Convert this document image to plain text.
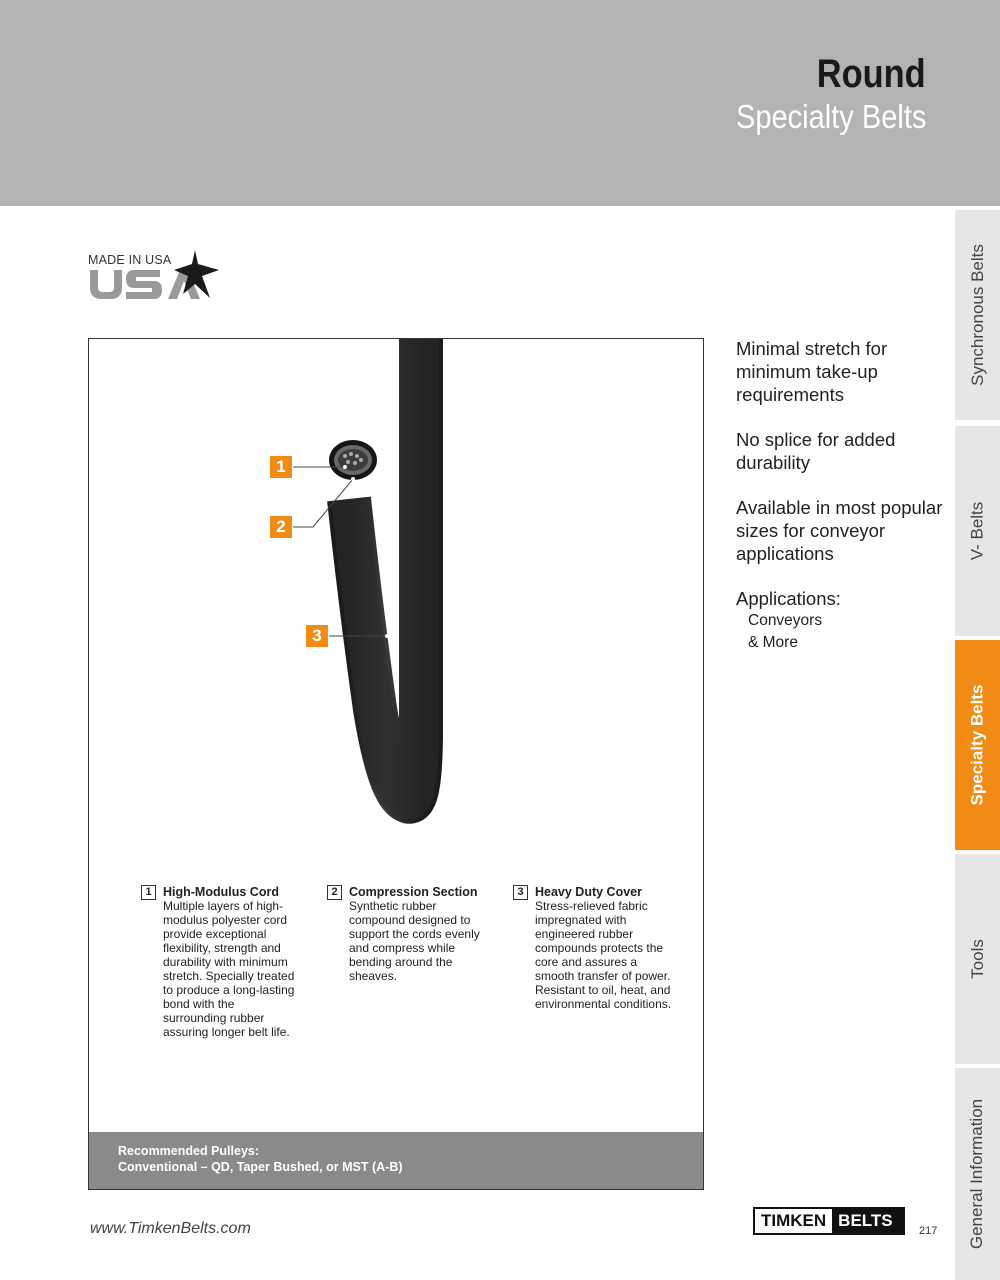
Round
Specialty Belts
Synchronous Belts
V- Belts
Specialty Belts
Tools
General Information
MADE IN USA
1
2
3
1 High-Modulus Cord
Multiple layers of high-modulus polyester cord provide exceptional flexibility, strength and durability with minimum stretch. Specially treated to produce a long-lasting bond with the surrounding rubber assuring longer belt life.
2 Compression Section
Synthetic rubber compound designed to support the cords evenly and compress while bending around the sheaves.
3 Heavy Duty Cover
Stress-relieved fabric impregnated with engineered rubber compounds protects the core and assures a smooth transfer of power. Resistant to oil, heat, and environmental conditions.
Recommended Pulleys:
Conventional – QD, Taper Bushed, or MST (A-B)

Minimal stretch for minimum take-up requirements

No splice for added durability

Available in most popular sizes for conveyor applications

Applications:
Conveyors
& More
www.TimkenBelts.com	TIMKEN BELTS
217
